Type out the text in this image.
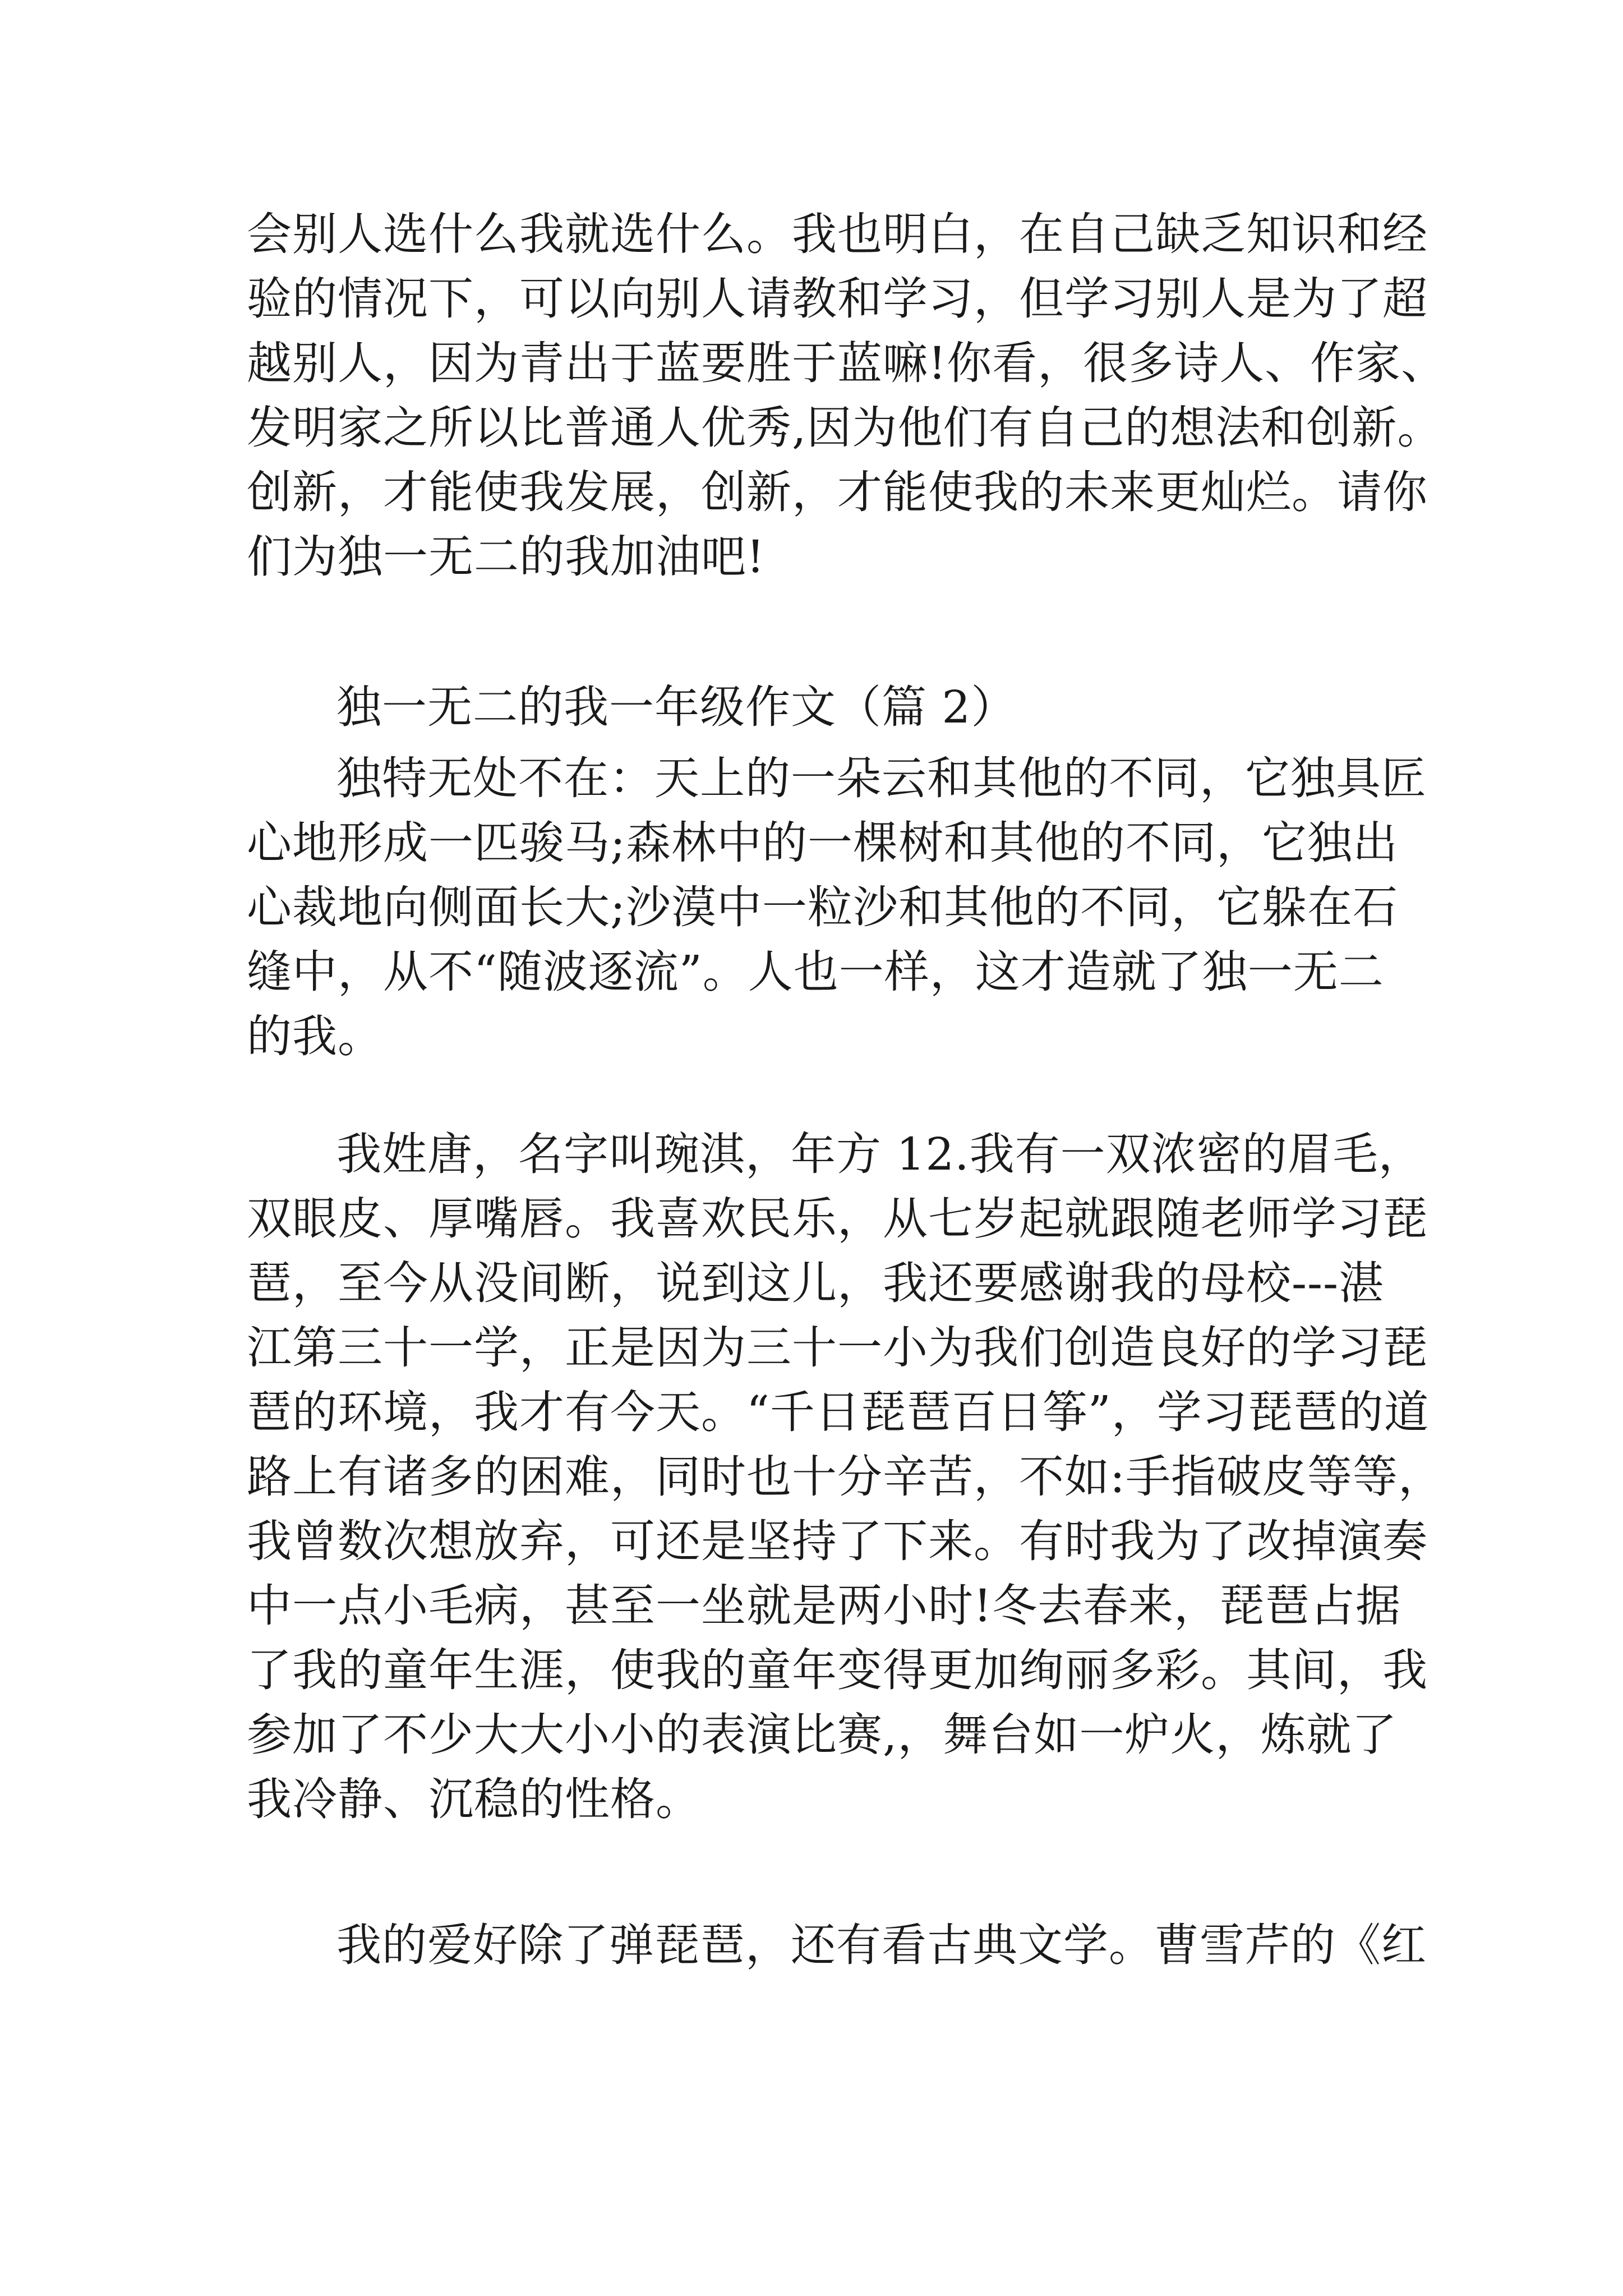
会别人选什么我就选什么。我也明白，在自己缺乏知识和经
验的情况下，可以向别人请教和学习，但学习别人是为了超
越别人，因为青出于蓝要胜于蓝嘛!你看，很多诗人、作家、
发明家之所以比普通人优秀,因为他们有自己的想法和创新。
创新，才能使我发展，创新，才能使我的未来更灿烂。请你
们为独一无二的我加油吧!
独一无二的我一年级作文（篇 2）
独特无处不在：天上的一朵云和其他的不同，它独具匠
心地形成一匹骏马;森林中的一棵树和其他的不同，它独出
心裁地向侧面长大;沙漠中一粒沙和其他的不同，它躲在石
缝中，从不“随波逐流”。人也一样，这才造就了独一无二
的我。
我姓唐，名字叫琬淇，年方 12.我有一双浓密的眉毛，
双眼皮、厚嘴唇。我喜欢民乐，从七岁起就跟随老师学习琵
琶，至今从没间断，说到这儿，我还要感谢我的母校---湛
江第三十一学，正是因为三十一小为我们创造良好的学习琵
琶的环境，我才有今天。“千日琵琶百日筝”，学习琵琶的道
路上有诸多的困难，同时也十分辛苦，不如:手指破皮等等，
我曾数次想放弃，可还是坚持了下来。有时我为了改掉演奏
中一点小毛病，甚至一坐就是两小时!冬去春来，琵琶占据
了我的童年生涯，使我的童年变得更加绚丽多彩。其间，我
参加了不少大大小小的表演比赛,，舞台如一炉火，炼就了
我冷静、沉稳的性格。
我的爱好除了弹琵琶，还有看古典文学。曹雪芹的《红
